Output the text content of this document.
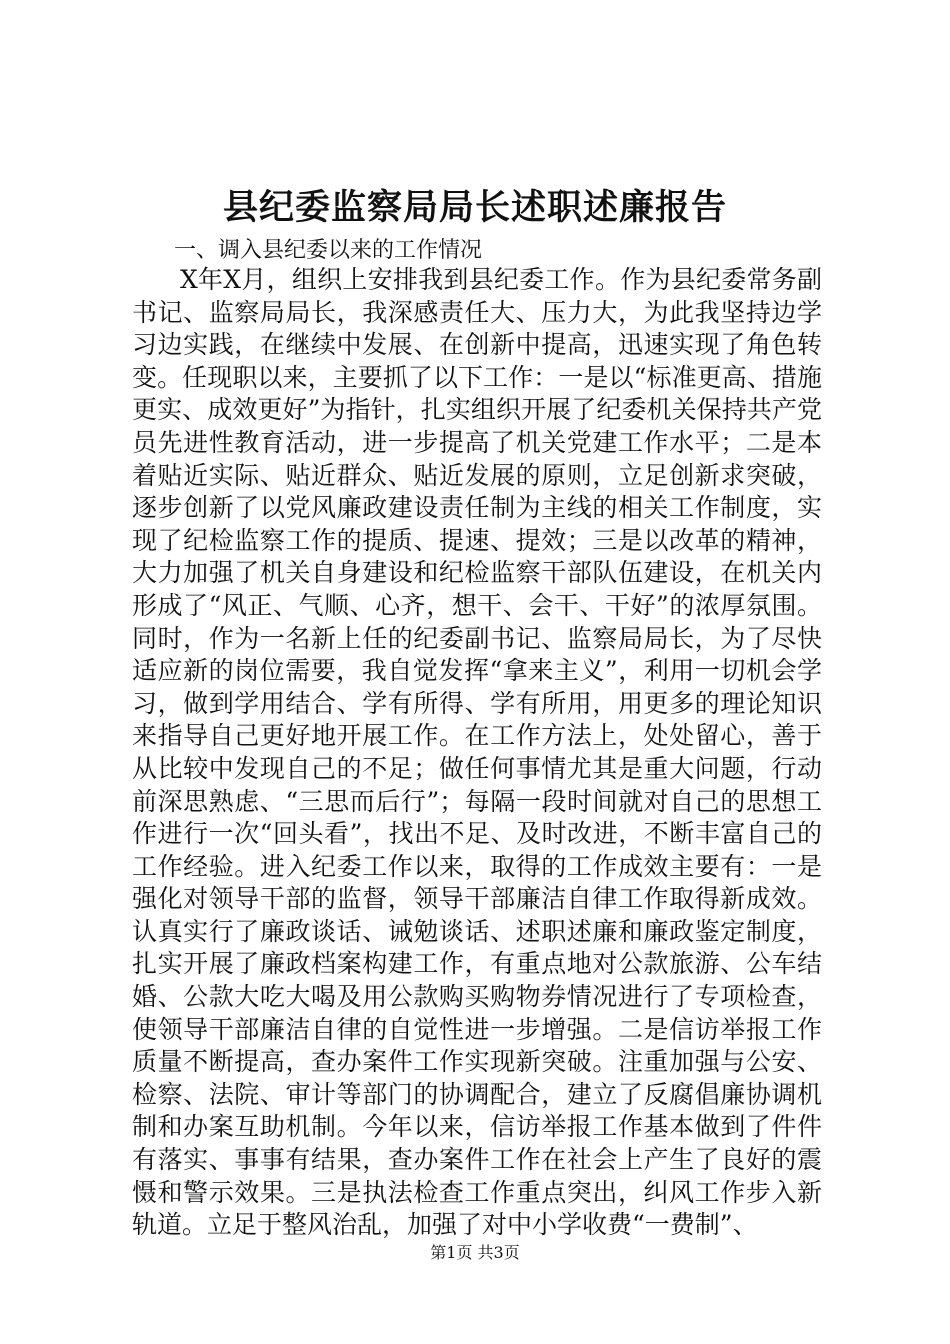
县纪委监察局局长述职述廉报告
一、调入县纪委以来的工作情况

X年X月，组织上安排我到县纪委工作。作为县纪委常务副书记、监察局局长，我深感责任大、压力大，为此我坚持边学习边实践，在继续中发展、在创新中提高，迅速实现了角色转变。任现职以来，主要抓了以下工作：一是以“标准更高、措施更实、成效更好”为指针，扎实组织开展了纪委机关保持共产党员先进性教育活动，进一步提高了机关党建工作水平；二是本着贴近实际、贴近群众、贴近发展的原则，立足创新求突破，逐步创新了以党风廉政建设责任制为主线的相关工作制度，实现了纪检监察工作的提质、提速、提效；三是以改革的精神，大力加强了机关自身建设和纪检监察干部队伍建设，在机关内形成了“风正、气顺、心齐，想干、会干、干好”的浓厚氛围。同时，作为一名新上任的纪委副书记、监察局局长，为了尽快适应新的岗位需要，我自觉发挥“拿来主义”，利用一切机会学习，做到学用结合、学有所得、学有所用，用更多的理论知识来指导自己更好地开展工作。在工作方法上，处处留心，善于从比较中发现自己的不足；做任何事情尤其是重大问题，行动前深思熟虑、“三思而后行”；每隔一段时间就对自己的思想工作进行一次“回头看”，找出不足、及时改进，不断丰富自己的工作经验。进入纪委工作以来，取得的工作成效主要有：一是强化对领导干部的监督，领导干部廉洁自律工作取得新成效。认真实行了廉政谈话、诫勉谈话、述职述廉和廉政鉴定制度，扎实开展了廉政档案构建工作，有重点地对公款旅游、公车结婚、公款大吃大喝及用公款购买购物券情况进行了专项检查，使领导干部廉洁自律的自觉性进一步增强。二是信访举报工作质量不断提高，查办案件工作实现新突破。注重加强与公安、检察、法院、审计等部门的协调配合，建立了反腐倡廉协调机制和办案互助机制。今年以来，信访举报工作基本做到了件件有落实、事事有结果，查办案件工作在社会上产生了良好的震慑和警示效果。三是执法检查工作重点突出，纠风工作步入新轨道。立足于整风治乱，加强了对中小学收费“一费制”、

第1页 共3页
